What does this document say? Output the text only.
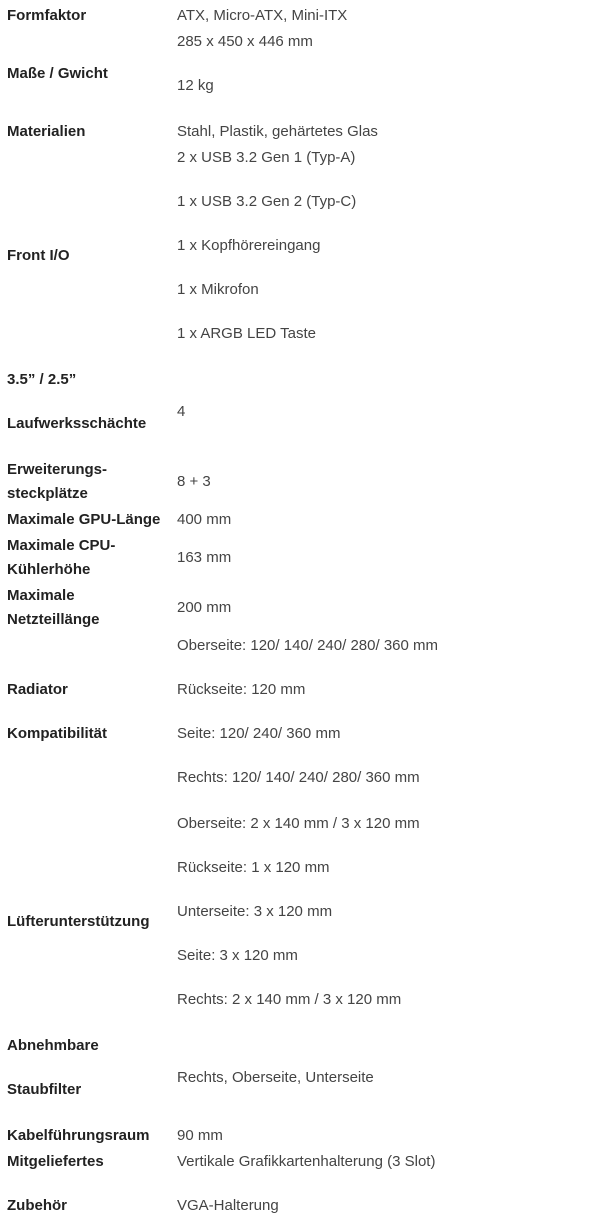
Formfaktor	ATX, Micro-ATX, Mini-ITX
285 x 450 x 446 mm
Maße / Gwicht
12 kg
Materialien	Stahl, Plastik, gehärtetes Glas
Front I/O
2 x USB 3.2 Gen 1 (Typ-A)
1 x USB 3.2 Gen 2 (Typ-C)
1 x Kopfhörereingang
1 x Mikrofon
1 x ARGB LED Taste
3.5” / 2.5”
Laufwerksschächte
4
Erweiterungs-
steckplätze
8 + 3
Maximale GPU-Länge 400 mm
Maximale CPU-
Kühlerhöhe
163 mm
Maximale
Netzteillänge
200 mm
Radiator
Kompatibilität
Oberseite: 120/ 140/ 240/ 280/ 360 mm
Rückseite: 120 mm
Seite: 120/ 240/ 360 mm
Rechts: 120/ 140/ 240/ 280/ 360 mm
Lüfterunterstützung
Oberseite: 2 x 140 mm / 3 x 120 mm
Rückseite: 1 x 120 mm
Unterseite: 3 x 120 mm
Seite: 3 x 120 mm
Rechts: 2 x 140 mm / 3 x 120 mm
Abnehmbare
Staubfilter
Rechts, Oberseite, Unterseite
Kabelführungsraum 90 mm
Mitgeliefertes
Zubehör
Vertikale Grafikkartenhalterung (3 Slot)
VGA-Halterung
